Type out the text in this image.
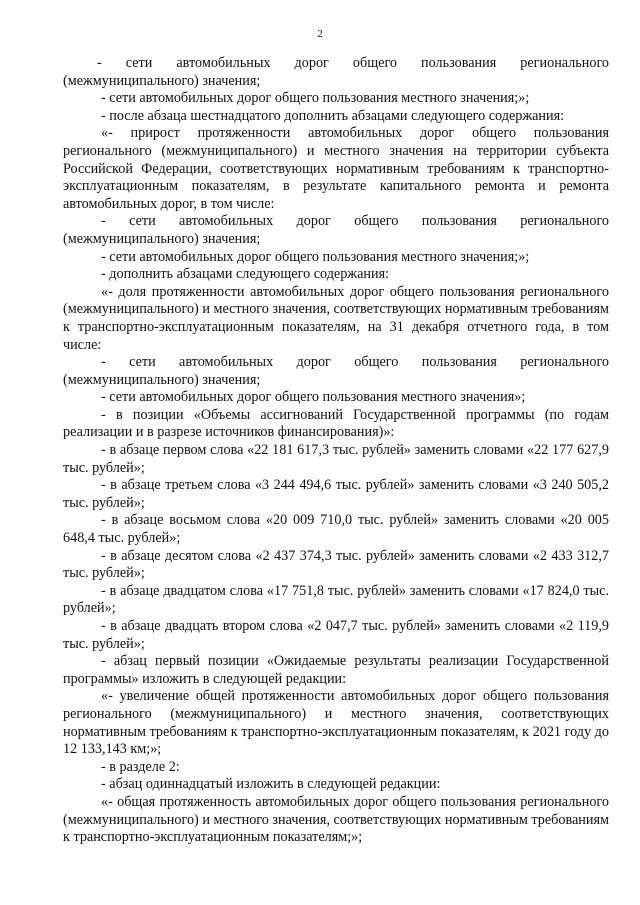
2

- сети автомобильных дорог общего пользования регионального (межмуниципального) значения;

- сети автомобильных дорог общего пользования местного значения;»;

- после абзаца шестнадцатого дополнить абзацами следующего содержания:

«- прирост протяженности автомобильных дорог общего пользования регионального (межмуниципального) и местного значения на территории субъекта Российской Федерации, соответствующих нормативным требованиям к транспортно-эксплуатационным показателям, в результате капитального ремонта и ремонта автомобильных дорог, в том числе:

- сети автомобильных дорог общего пользования регионального (межмуниципального) значения;

- сети автомобильных дорог общего пользования местного значения;»;

- дополнить абзацами следующего содержания:

«- доля протяженности автомобильных дорог общего пользования регионального (межмуниципального) и местного значения, соответствующих нормативным требованиям к транспортно-эксплуатационным показателям, на 31 декабря отчетного года, в том числе:

- сети автомобильных дорог общего пользования регионального (межмуниципального) значения;

- сети автомобильных дорог общего пользования местного значения»;

- в позиции «Объемы ассигнований Государственной программы (по годам реализации и в разрезе источников финансирования)»:

- в абзаце первом слова «22 181 617,3 тыс. рублей» заменить словами «22 177 627,9 тыс. рублей»;

- в абзаце третьем слова «3 244 494,6 тыс. рублей» заменить словами «3 240 505,2 тыс. рублей»;

- в абзаце восьмом слова «20 009 710,0 тыс. рублей» заменить словами «20 005 648,4 тыс. рублей»;

- в абзаце десятом слова «2 437 374,3 тыс. рублей» заменить словами «2 433 312,7 тыс. рублей»;

- в абзаце двадцатом слова «17 751,8 тыс. рублей» заменить словами «17 824,0 тыс. рублей»;

- в абзаце двадцать втором слова «2 047,7 тыс. рублей» заменить словами «2 119,9 тыс. рублей»;

- абзац первый позиции «Ожидаемые результаты реализации Государственной программы» изложить в следующей редакции:

«- увеличение общей протяженности автомобильных дорог общего пользования регионального (межмуниципального) и местного значения, соответствующих нормативным требованиям к транспортно-эксплуатационным показателям, к 2021 году до 12 133,143 км;»;

- в разделе 2:

- абзац одиннадцатый изложить в следующей редакции:

«- общая протяженность автомобильных дорог общего пользования регионального (межмуниципального) и местного значения, соответствующих нормативным требованиям к транспортно-эксплуатационным показателям;»;
